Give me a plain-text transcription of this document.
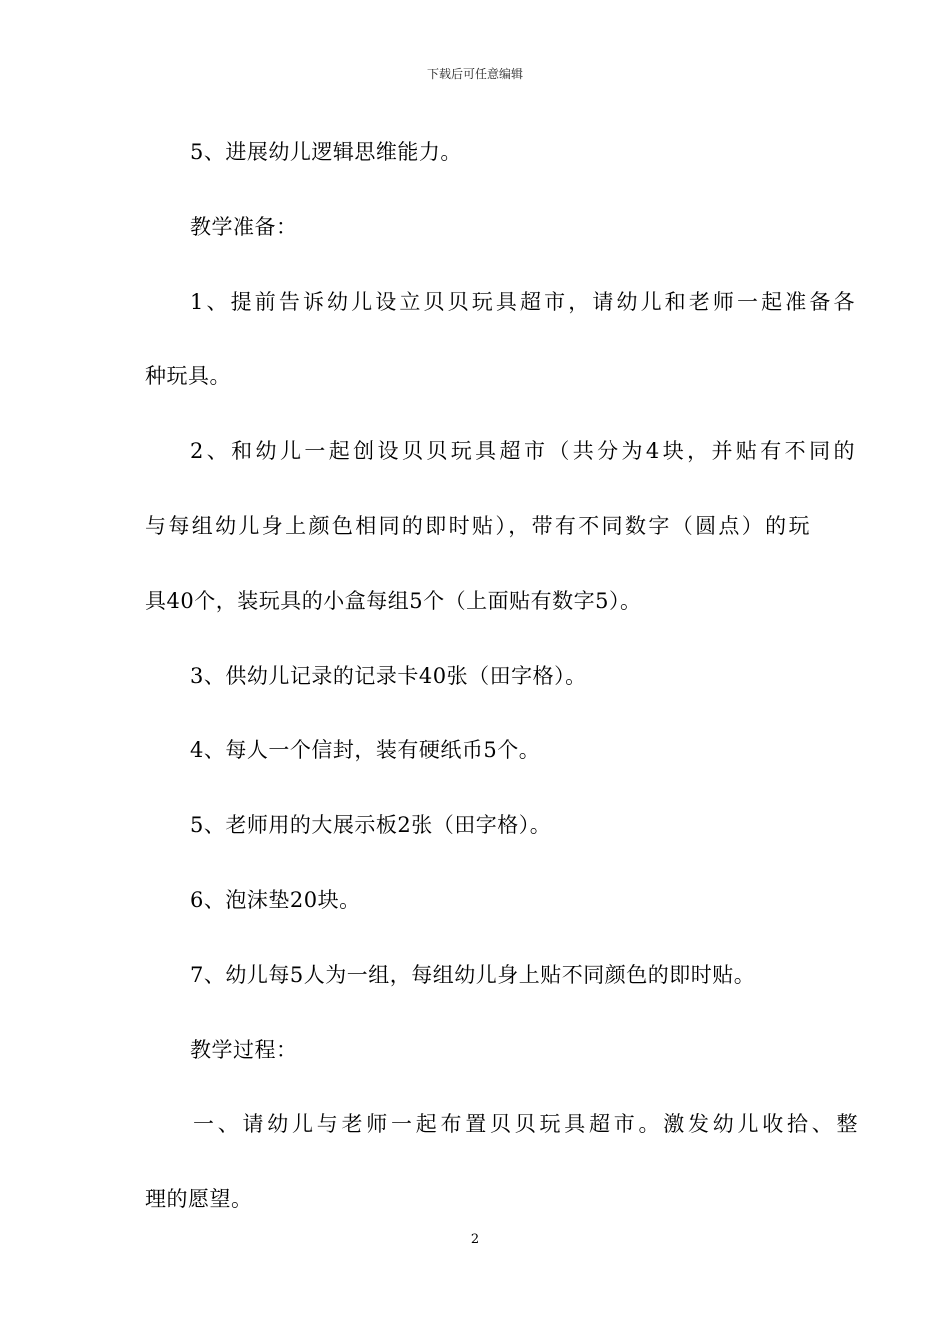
下载后可任意编辑
5、进展幼儿逻辑思维能力。
教学准备：
1、提前告诉幼儿设立贝贝玩具超市，请幼儿和老师一起准备各
种玩具。
2、和幼儿一起创设贝贝玩具超市（共分为4块，并贴有不同的
与每组幼儿身上颜色相同的即时贴），带有不同数字（圆点）的玩
具40个，装玩具的小盒每组5个（上面贴有数字5）。
3、供幼儿记录的记录卡40张（田字格）。
4、每人一个信封，装有硬纸币5个。
5、老师用的大展示板2张（田字格）。
6、泡沫垫20块。
7、幼儿每5人为一组，每组幼儿身上贴不同颜色的即时贴。
教学过程：
一、请幼儿与老师一起布置贝贝玩具超市。激发幼儿收拾、整
理的愿望。
2
